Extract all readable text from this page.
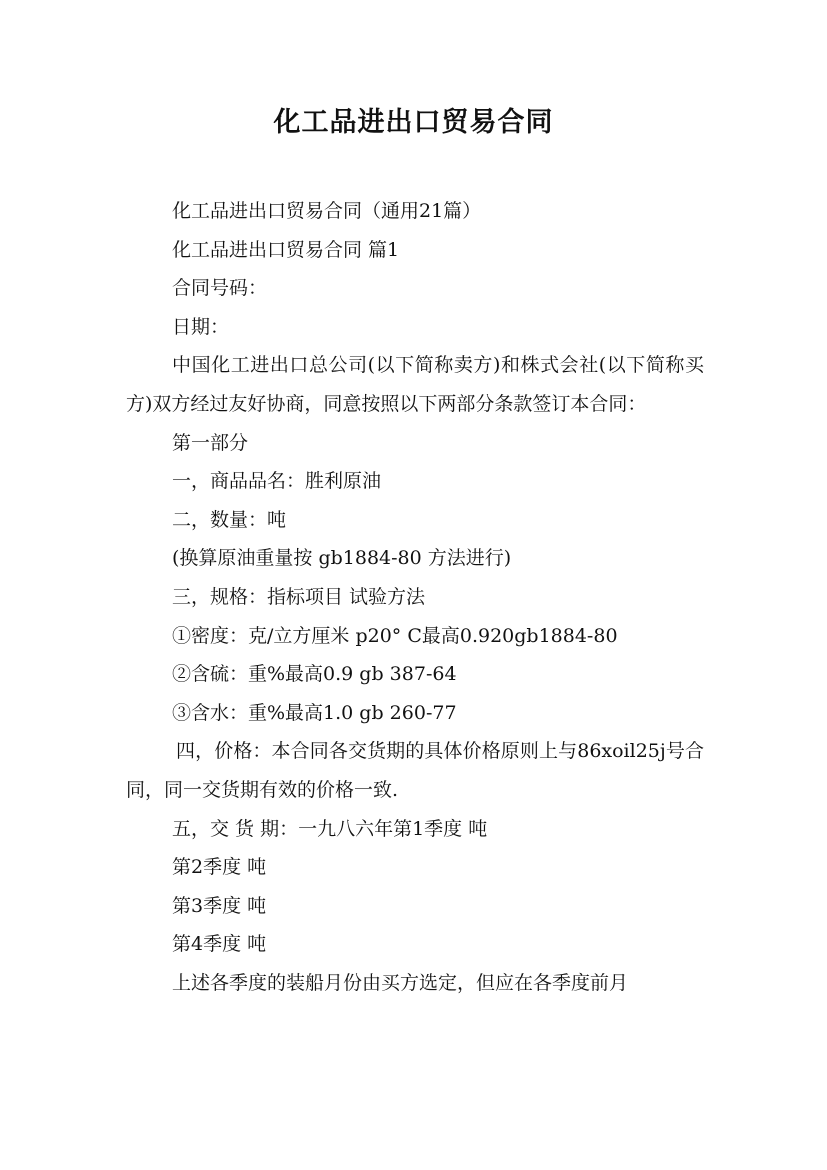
化工品进出口贸易合同

化工品进出口贸易合同（通用21篇）

化工品进出口贸易合同 篇1

合同号码：

日期：

中国化工进出口总公司(以下简称卖方)和株式会社(以下简称买方)双方经过友好协商，同意按照以下两部分条款签订本合同：

第一部分

一，商品品名：胜利原油

二，数量：吨

(换算原油重量按 gb1884-80 方法进行)

三，规格：指标项目 试验方法

①密度：克/立方厘米 p20° C最高0.920gb1884-80

②含硫：重%最高0.9 gb 387-64

③含水：重%最高1.0 gb 260-77

四，价格：本合同各交货期的具体价格原则上与86xoil25j号合同，同一交货期有效的价格一致.

五，交 货 期：一九八六年第1季度 吨

第2季度 吨

第3季度 吨

第4季度 吨

上述各季度的装船月份由买方选定，但应在各季度前月
